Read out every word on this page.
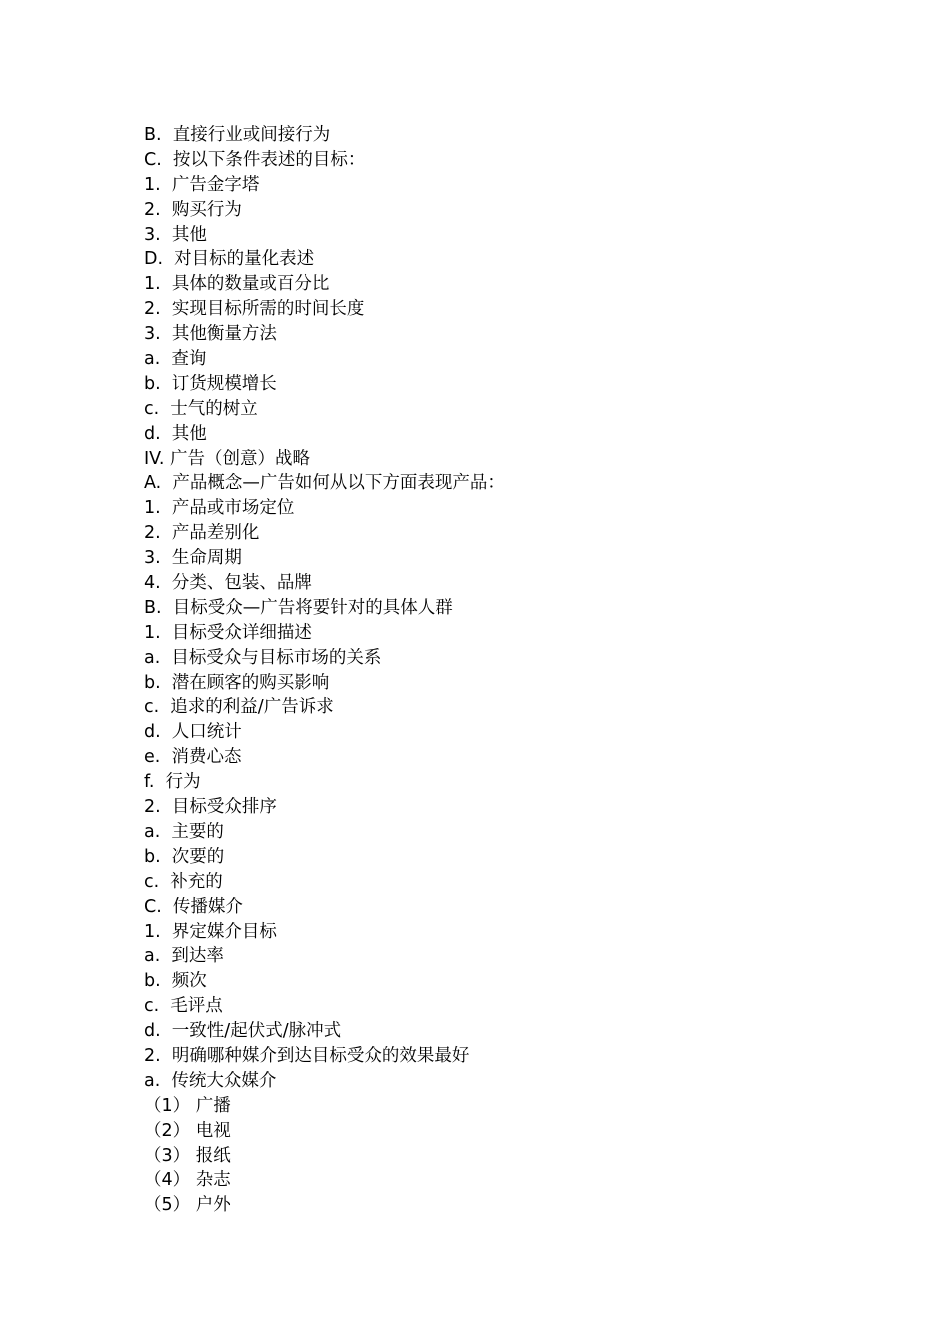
B.  直接行业或间接行为
C.  按以下条件表述的目标：
1.  广告金字塔
2.  购买行为
3.  其他
D.  对目标的量化表述
1.  具体的数量或百分比
2.  实现目标所需的时间长度
3.  其他衡量方法
a.  查询
b.  订货规模增长
c.  士气的树立
d.  其他
IV. 广告（创意）战略
A.  产品概念—广告如何从以下方面表现产品：
1.  产品或市场定位
2.  产品差别化
3.  生命周期
4.  分类、包装、品牌
B.  目标受众—广告将要针对的具体人群
1.  目标受众详细描述
a.  目标受众与目标市场的关系
b.  潜在顾客的购买影响
c.  追求的利益/广告诉求
d.  人口统计
e.  消费心态
f.  行为
2.  目标受众排序
a.  主要的
b.  次要的
c.  补充的
C.  传播媒介
1.  界定媒介目标
a.  到达率
b.  频次
c.  毛评点
d.  一致性/起伏式/脉冲式
2.  明确哪种媒介到达目标受众的效果最好
a.  传统大众媒介
（1） 广播
（2） 电视
（3） 报纸
（4） 杂志
（5） 户外
